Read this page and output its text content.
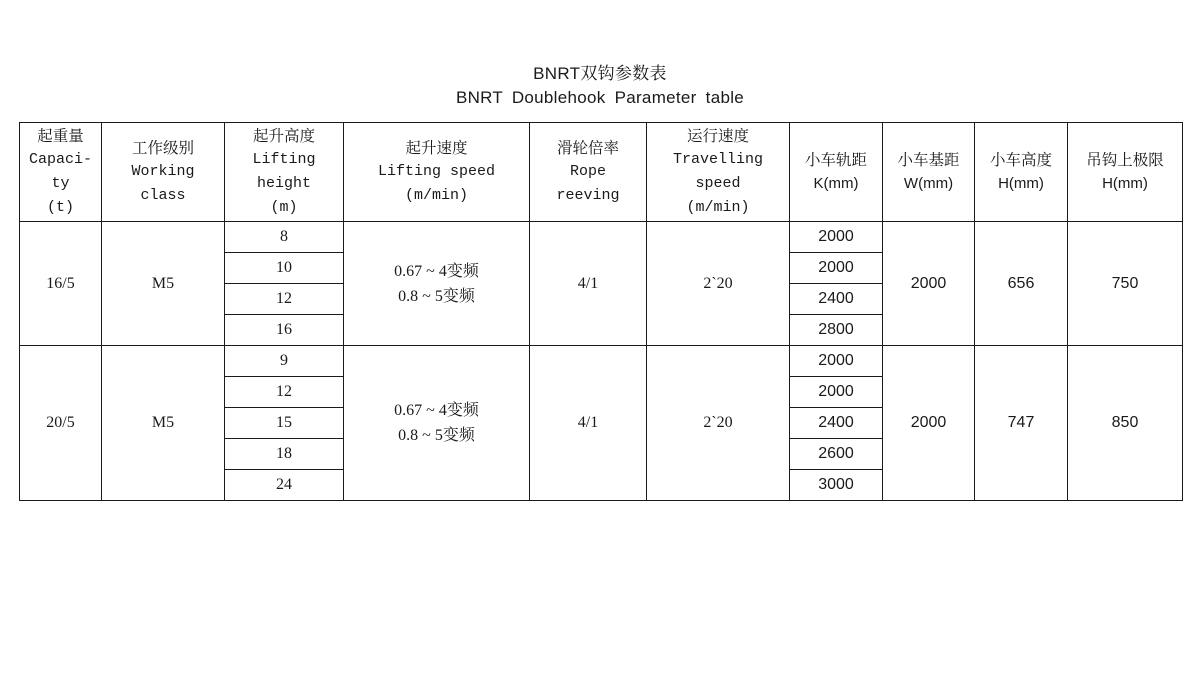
BNRT双钩参数表
BNRT Doublehook Parameter table
起重量
Capaci-
ty
(t)	工作级别
Working
class	起升高度
Lifting
height
(m)	起升速度
Lifting speed
(m/min)	滑轮倍率
Rope
reeving	运行速度
Travelling
speed
(m/min)	小车轨距
K(mm)	小车基距
W(mm)	小车高度
H(mm)	吊钩上极限
H(mm)

16/5	M5	8	0.67 ~ 4变频
0.8 ~ 5变频	4/1	2`20	2000	2000	656	750
		10				2000			
		12				2400			
		16				2800			
20/5	M5	9	0.67 ~ 4变频
0.8 ~ 5变频	4/1	2`20	2000	2000	747	850
		12				2000			
		15				2400			
		18				2600			
		24				3000			
